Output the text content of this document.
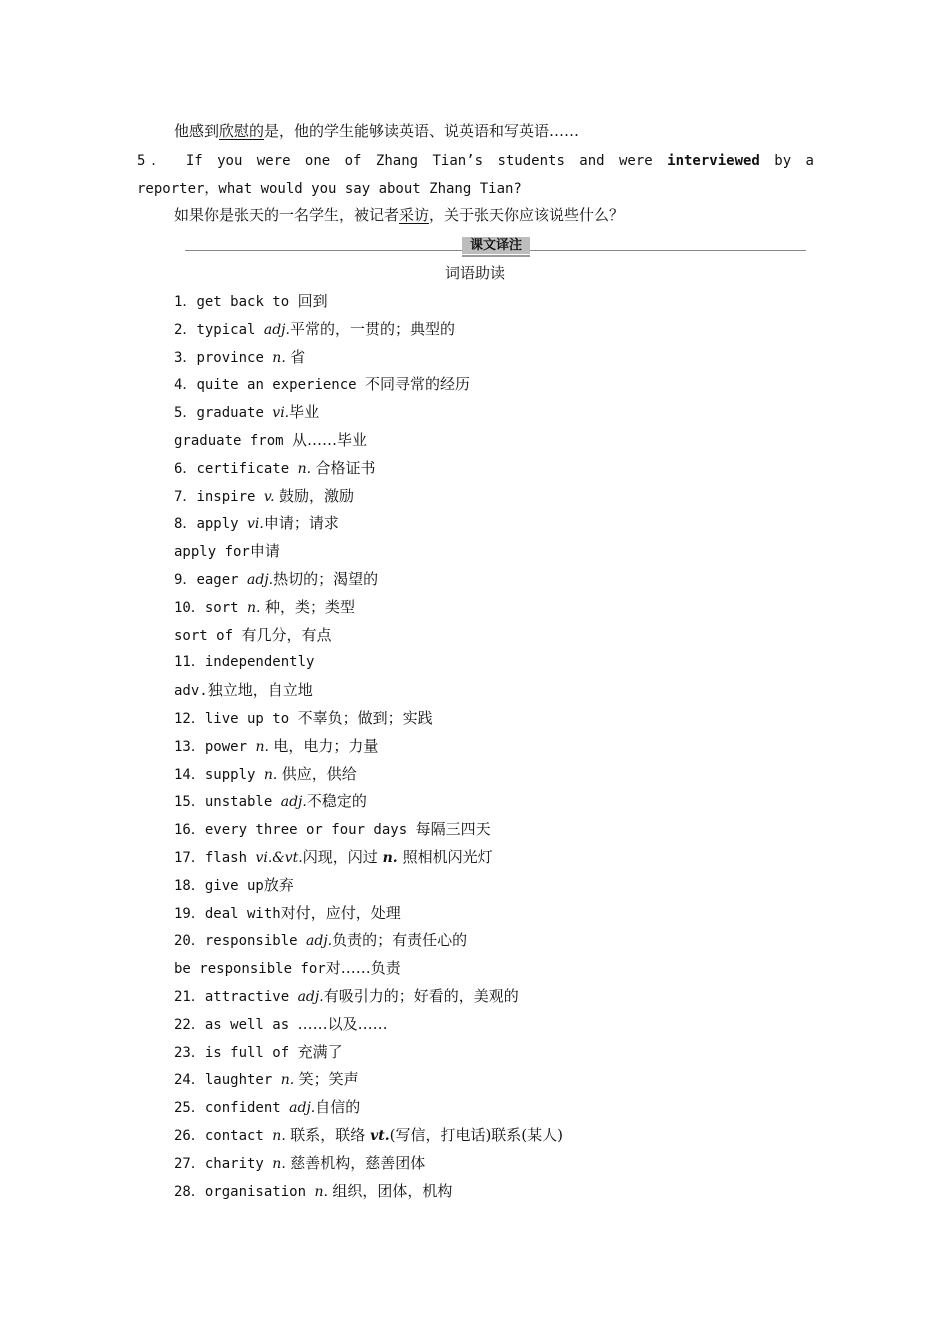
他感到欣慰的是，他的学生能够读英语、说英语和写英语……
5． If you were one of Zhang Tian’s students and were interviewed by a
reporter，what would you say about Zhang Tian?
如果你是张天的一名学生，被记者采访，关于张天你应该说些什么？
课文译注
词语助读
1．get back to 回到
2．typical adj.平常的，一贯的；典型的
3．province n. 省
4．quite an experience 不同寻常的经历
5．graduate vi.毕业
graduate from 从……毕业
6．certificate n. 合格证书
7．inspire v. 鼓励，激励
8．apply vi.申请；请求
apply for申请
9．eager adj.热切的；渴望的
10．sort n. 种，类；类型
sort of 有几分，有点
11．independently
adv.独立地，自立地
12．live up to 不辜负；做到；实践
13．power n. 电，电力；力量
14．supply n. 供应，供给
15．unstable adj.不稳定的
16．every three or four days 每隔三四天
17．flash vi.&vt.闪现，闪过 n. 照相机闪光灯
18．give up放弃
19．deal with对付，应付，处理
20．responsible adj.负责的；有责任心的
be responsible for对……负责
21．attractive adj.有吸引力的；好看的，美观的
22．as well as ……以及……
23．is full of 充满了
24．laughter n. 笑；笑声
25．confident adj.自信的
26．contact n. 联系，联络 vt.(写信，打电话)联系(某人)
27．charity n. 慈善机构，慈善团体
28．organisation n. 组织，团体，机构
